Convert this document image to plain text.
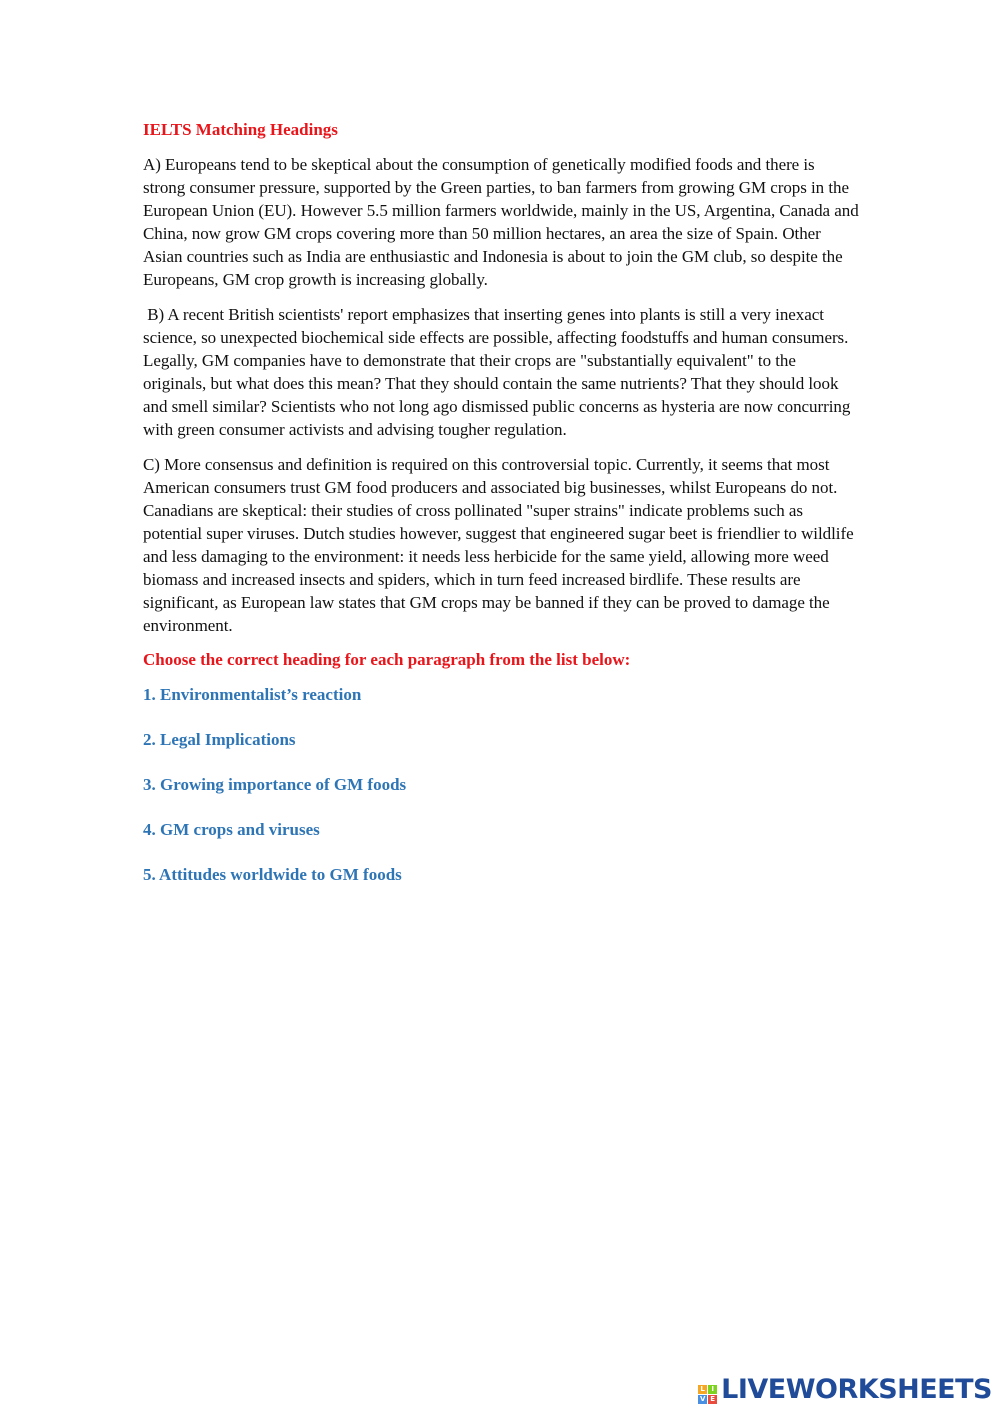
IELTS Matching Headings

A) Europeans tend to be skeptical about the consumption of genetically modified foods and there is strong consumer pressure, supported by the Green parties, to ban farmers from growing GM crops in the European Union (EU). However 5.5 million farmers worldwide, mainly in the US, Argentina, Canada and China, now grow GM crops covering more than 50 million hectares, an area the size of Spain. Other Asian countries such as India are enthusiastic and Indonesia is about to join the GM club, so despite the Europeans, GM crop growth is increasing globally.

B) A recent British scientists' report emphasizes that inserting genes into plants is still a very inexact science, so unexpected biochemical side effects are possible, affecting foodstuffs and human consumers. Legally, GM companies have to demonstrate that their crops are "substantially equivalent" to the originals, but what does this mean? That they should contain the same nutrients? That they should look and smell similar? Scientists who not long ago dismissed public concerns as hysteria are now concurring with green consumer activists and advising tougher regulation.

C) More consensus and definition is required on this controversial topic. Currently, it seems that most American consumers trust GM food producers and associated big businesses, whilst Europeans do not. Canadians are skeptical: their studies of cross pollinated "super strains" indicate problems such as potential super viruses. Dutch studies however, suggest that engineered sugar beet is friendlier to wildlife and less damaging to the environment: it needs less herbicide for the same yield, allowing more weed biomass and increased insects and spiders, which in turn feed increased birdlife. These results are significant, as European law states that GM crops may be banned if they can be proved to damage the environment.

Choose the correct heading for each paragraph from the list below:
1. Environmentalist’s reaction
2. Legal Implications
3. Growing importance of GM foods
4. GM crops and viruses
5. Attitudes worldwide to GM foods
L I
V E LIVEWORKSHEETS
